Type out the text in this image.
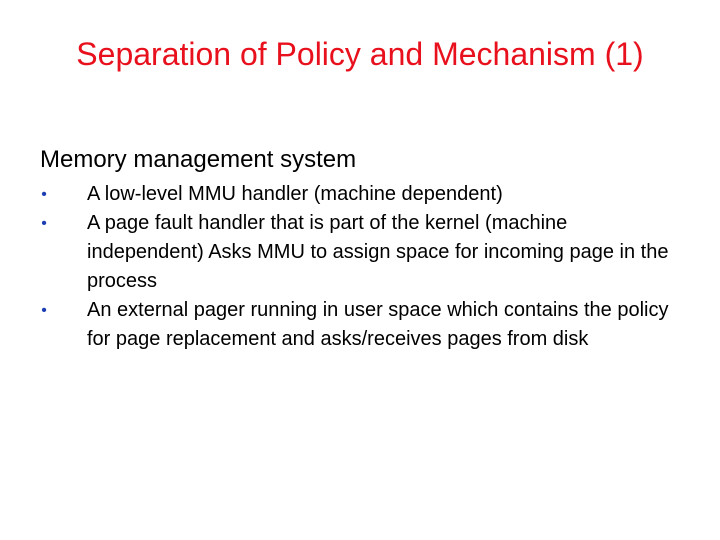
Separation of Policy and Mechanism (1)
Memory management system
• A low-level MMU handler (machine dependent)
• A page fault handler that is part of the kernel (machine independent) Asks MMU to assign space for incoming page in the process
• An external pager running in user space which contains the policy for page replacement and asks/receives pages from disk
